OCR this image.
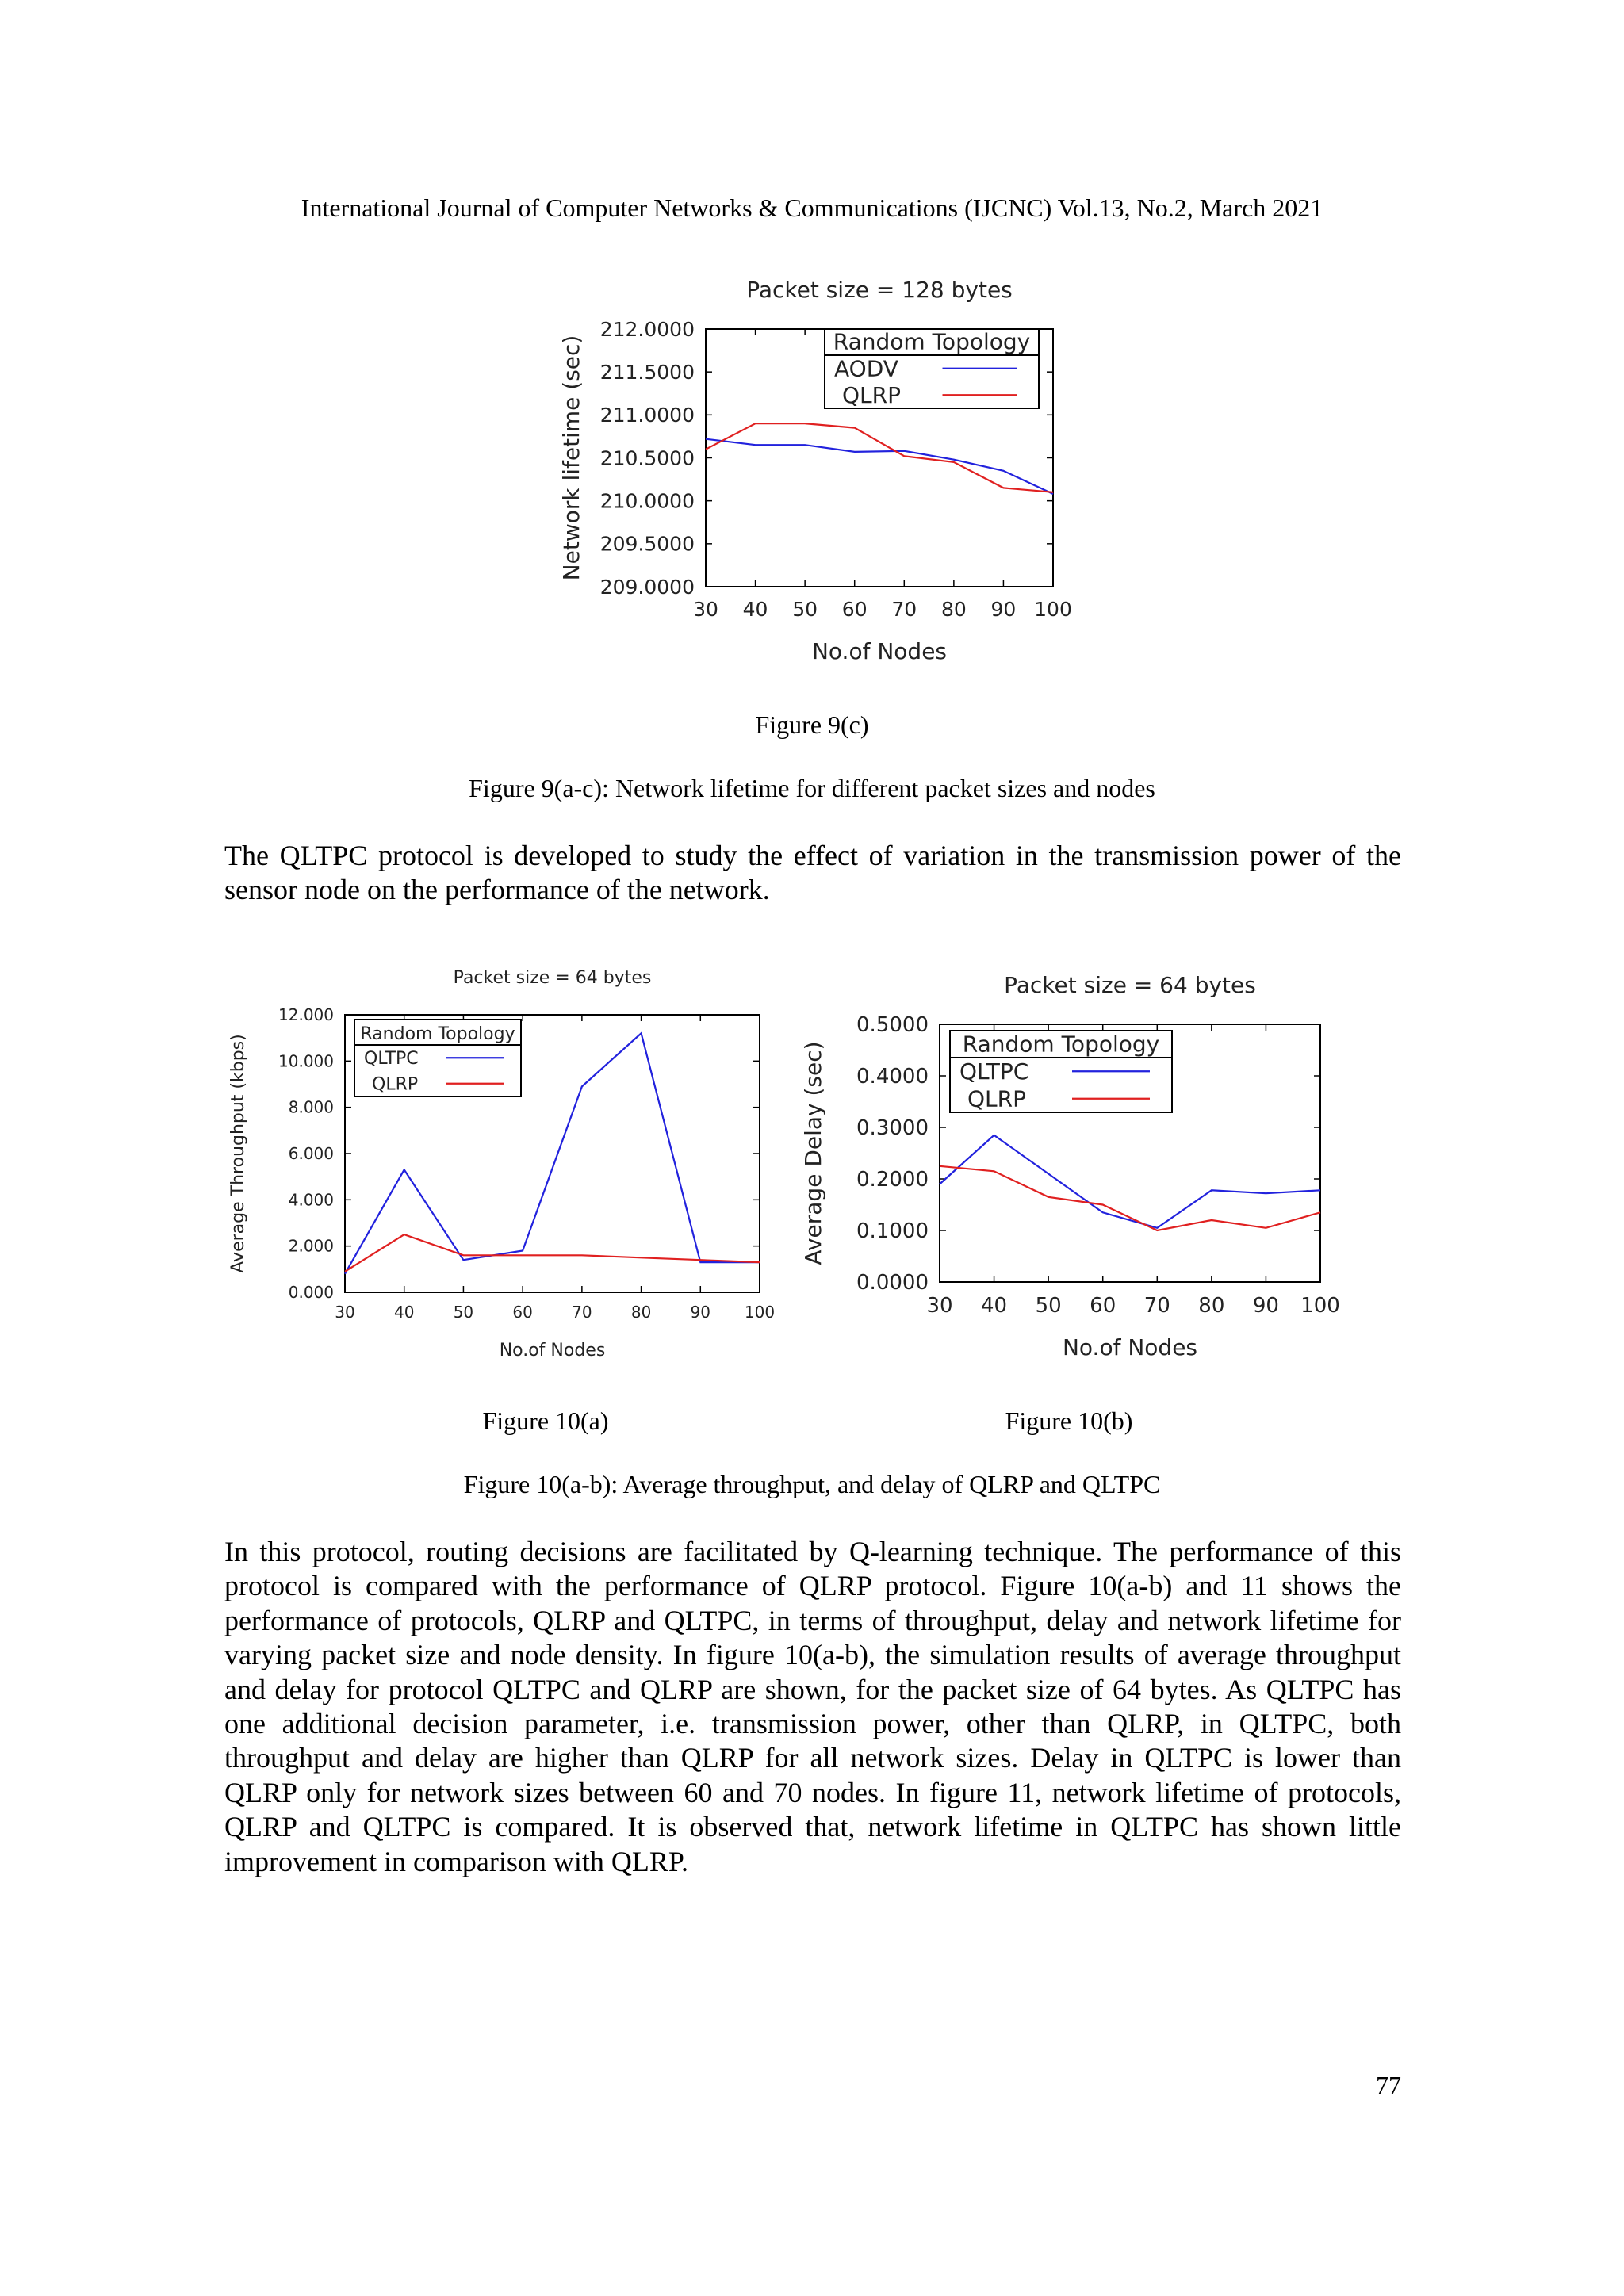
International Journal of Computer Networks & Communications (IJCNC) Vol.13, No.2, March 2021
Packet size = 128 bytes
209.0000
209.5000
210.0000
210.5000
211.0000
211.5000
212.0000
30 40 50 60 70 80 90 100
No.of Nodes
Network lifetime (sec)	Random Topology
AODV
QLRP
Figure 9(c)
Figure 9(a-c): Network lifetime for different packet sizes and nodes
The QLTPC protocol is developed to study the effect of variation in the transmission power of the sensor node on the performance of the network.
Packet size = 64 bytes
0.000
2.000
4.000
6.000
8.000
10.000
12.000
30 40 50 60 70 80 90 100
No.of Nodes
Average Throughput (kbps)	Random Topology
QLTPC
QLRP
Packet size = 64 bytes
0.0000
0.1000
0.2000
0.3000
0.4000
0.5000
30 40 50 60 70 80 90 100
No.of Nodes
Average Delay (sec)	Random Topology
QLTPC
QLRP
Figure 10(a)	Figure 10(b)
Figure 10(a-b): Average throughput, and delay of QLRP and QLTPC
In this protocol, routing decisions are facilitated by Q-learning technique. The performance of this protocol is compared with the performance of QLRP protocol. Figure 10(a-b) and 11 shows the performance of protocols, QLRP and QLTPC, in terms of throughput, delay and network lifetime for varying packet size and node density. In figure 10(a-b), the simulation results of average throughput and delay for protocol QLTPC and QLRP are shown, for the packet size of 64 bytes. As QLTPC has one additional decision parameter, i.e. transmission power, other than QLRP, in QLTPC, both throughput and delay are higher than QLRP for all network sizes. Delay in QLTPC is lower than QLRP only for network sizes between 60 and 70 nodes. In figure 11, network lifetime of protocols, QLRP and QLTPC is compared. It is observed that, network lifetime in QLTPC has shown little improvement in comparison with QLRP.
77
